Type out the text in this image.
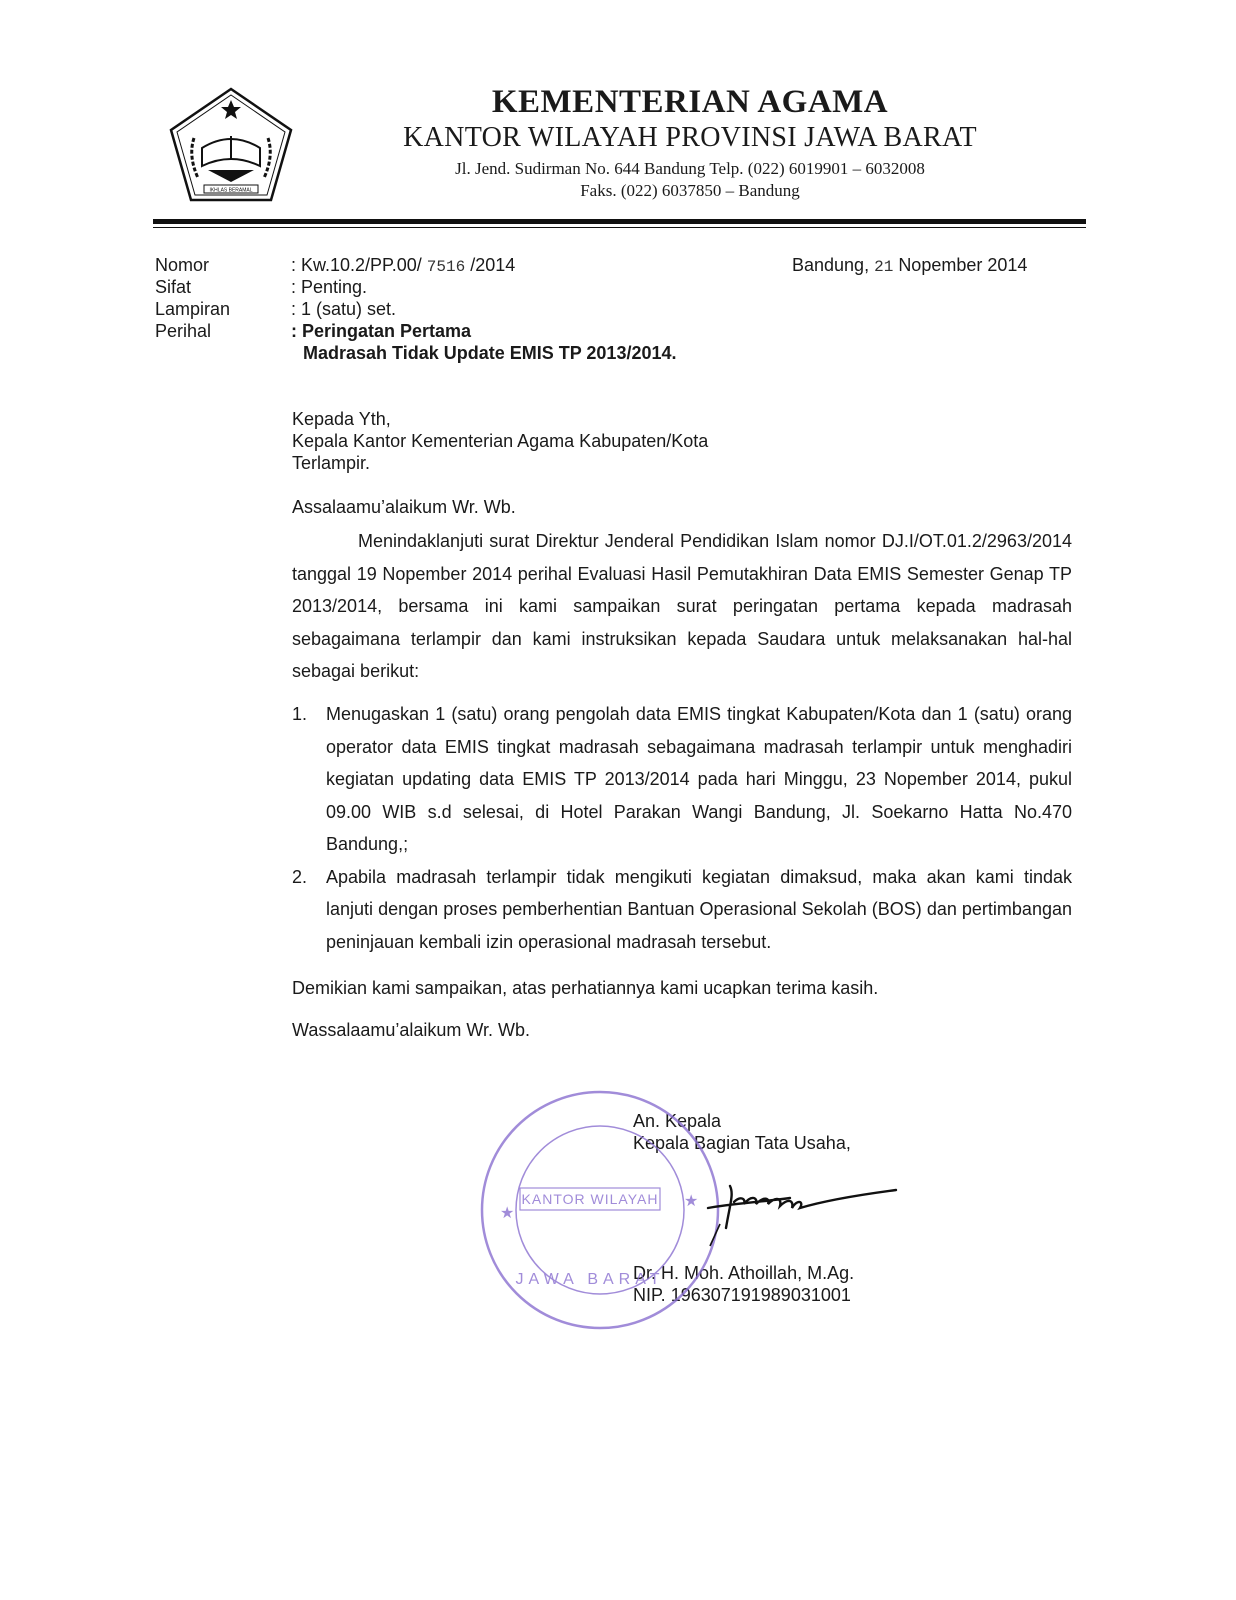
IKHLAS BERAMAL
KEMENTERIAN AGAMA
KANTOR WILAYAH PROVINSI JAWA BARAT
Jl. Jend. Sudirman No. 644 Bandung Telp. (022) 6019901 – 6032008
Faks. (022) 6037850 – Bandung
Nomor
Sifat
Lampiran
Perihal
: Kw.10.2/PP.00/ 7516 /2014
: Penting.
: 1 (satu) set.
: Peringatan Pertama
Madrasah Tidak Update EMIS TP 2013/2014.
Bandung, 21 Nopember 2014
Kepada Yth,
Kepala Kantor Kementerian Agama Kabupaten/Kota
Terlampir.
Assalaamu’alaikum Wr. Wb.

Menindaklanjuti surat Direktur Jenderal Pendidikan Islam nomor DJ.I/OT.01.2/2963/2014 tanggal 19 Nopember 2014 perihal Evaluasi Hasil Pemutakhiran Data EMIS Semester Genap TP 2013/2014, bersama ini kami sampaikan surat peringatan pertama kepada madrasah sebagaimana terlampir dan kami instruksikan kepada Saudara untuk melaksanakan hal-hal sebagai berikut:

1. Menugaskan 1 (satu) orang pengolah data EMIS tingkat Kabupaten/Kota dan 1 (satu) orang operator data EMIS tingkat madrasah sebagaimana madrasah terlampir untuk menghadiri kegiatan updating data EMIS TP 2013/2014 pada hari Minggu, 23 Nopember 2014, pukul 09.00 WIB s.d selesai, di Hotel Parakan Wangi Bandung, Jl. Soekarno Hatta No.470 Bandung,;
2. Apabila madrasah terlampir tidak mengikuti kegiatan dimaksud, maka akan kami tindak lanjuti dengan proses pemberhentian Bantuan Operasional Sekolah (BOS) dan pertimbangan peninjauan kembali izin operasional madrasah tersebut.
Demikian kami sampaikan, atas perhatiannya kami ucapkan terima kasih.
Wassalaamu’alaikum Wr. Wb.
An. Kepala
Kepala Bagian Tata Usaha,
Dr. H. Moh. Athoillah, M.Ag.
NIP. 196307191989031001
★
★
KANTOR WILAYAH
JAWA BARAT
